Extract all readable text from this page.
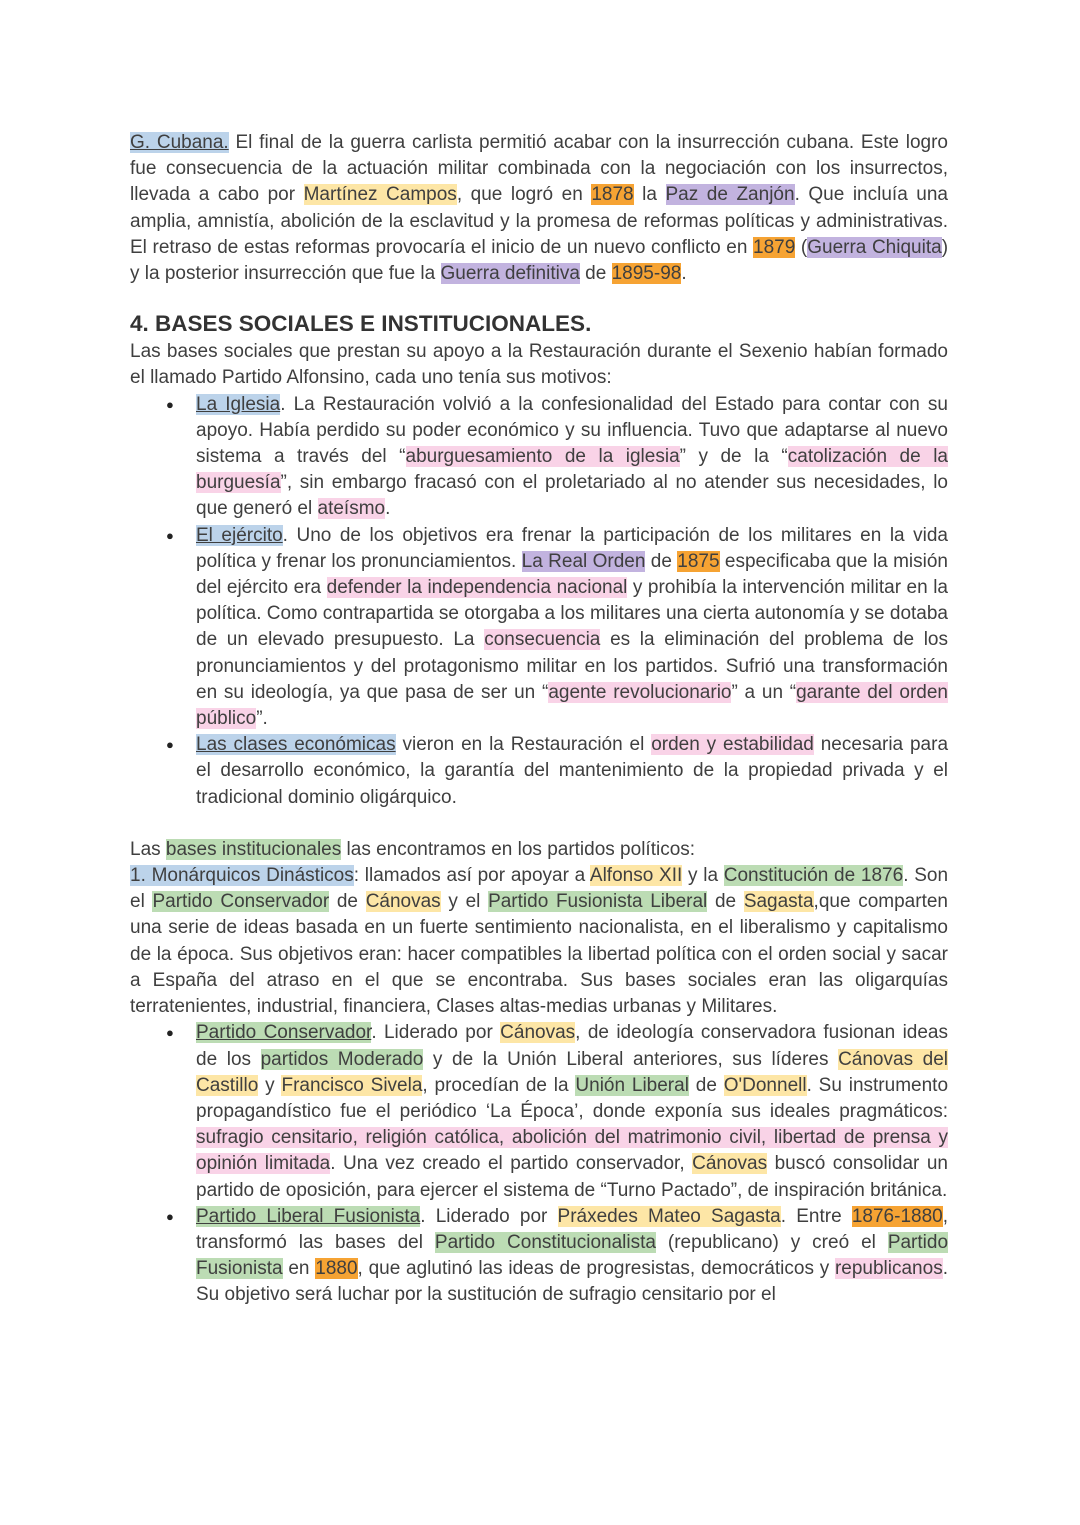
G. Cubana. El final de la guerra carlista permitió acabar con la insurrección cubana. Este logro fue consecuencia de la actuación militar combinada con la negociación con los insurrectos, llevada a cabo por Martínez Campos, que logró en 1878 la Paz de Zanjón. Que incluía una amplia, amnistía, abolición de la esclavitud y la promesa de reformas políticas y administrativas. El retraso de estas reformas provocaría el inicio de un nuevo conflicto en 1879 (Guerra Chiquita) y la posterior insurrección que fue la Guerra definitiva de 1895-98.

4. BASES SOCIALES E INSTITUCIONALES.

Las bases sociales que prestan su apoyo a la Restauración durante el Sexenio habían formado el llamado Partido Alfonsino, cada uno tenía sus motivos:

● La Iglesia. La Restauración volvió a la confesionalidad del Estado para contar con su apoyo. Había perdido su poder económico y su influencia. Tuvo que adaptarse al nuevo sistema a través del “aburguesamiento de la iglesia” y de la “catolización de la burguesía”, sin embargo fracasó con el proletariado al no atender sus necesidades, lo que generó el ateísmo.
● El ejército. Uno de los objetivos era frenar la participación de los militares en la vida política y frenar los pronunciamientos. La Real Orden de 1875 especificaba que la misión del ejército era defender la independencia nacional y prohibía la intervención militar en la política. Como contrapartida se otorgaba a los militares una cierta autonomía y se dotaba de un elevado presupuesto. La consecuencia es la eliminación del problema de los pronunciamientos y del protagonismo militar en los partidos. Sufrió una transformación en su ideología, ya que pasa de ser un “agente revolucionario” a un “garante del orden público”.
● Las clases económicas vieron en la Restauración el orden y estabilidad necesaria para el desarrollo económico, la garantía del mantenimiento de la propiedad privada y el tradicional dominio oligárquico.

Las bases institucionales las encontramos en los partidos políticos:

1. Monárquicos Dinásticos: llamados así por apoyar a Alfonso XII y la Constitución de 1876. Son el Partido Conservador de Cánovas y el Partido Fusionista Liberal de Sagasta,que comparten una serie de ideas basada en un fuerte sentimiento nacionalista, en el liberalismo y capitalismo de la época. Sus objetivos eran: hacer compatibles la libertad política con el orden social y sacar a España del atraso en el que se encontraba. Sus bases sociales eran las oligarquías terratenientes, industrial, financiera, Clases altas-medias urbanas y Militares.

● Partido Conservador. Liderado por Cánovas, de ideología conservadora fusionan ideas de los partidos Moderado y de la Unión Liberal anteriores, sus líderes Cánovas del Castillo y Francisco Sivela, procedían de la Unión Liberal de O'Donnell. Su instrumento propagandístico fue el periódico ‘La Época’, donde exponía sus ideales pragmáticos: sufragio censitario, religión católica, abolición del matrimonio civil, libertad de prensa y opinión limitada. Una vez creado el partido conservador, Cánovas buscó consolidar un partido de oposición, para ejercer el sistema de “Turno Pactado”, de inspiración británica.
● Partido Liberal Fusionista. Liderado por Práxedes Mateo Sagasta. Entre 1876-1880, transformó las bases del Partido Constitucionalista (republicano) y creó el Partido Fusionista en 1880, que aglutinó las ideas de progresistas, democráticos y republicanos. Su objetivo será luchar por la sustitución de sufragio censitario por el
